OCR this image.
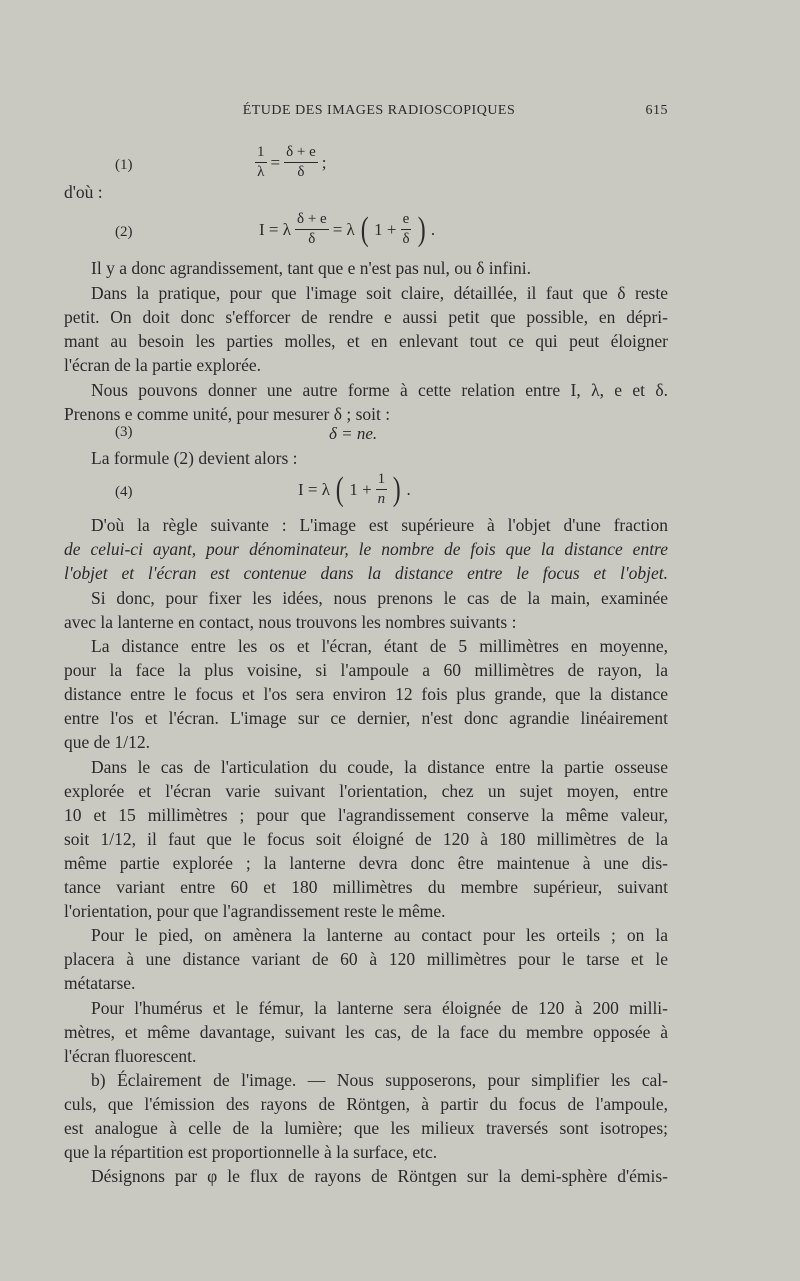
ÉTUDE DES IMAGES RADIOSCOPIQUES	615
(1)	$\frac{1}{\lambda} = \frac{\delta + e}{\delta}$ ;
d'où :
(2)	I = λ $\frac{\delta + e}{\delta} = \lambda$ ( $1 + \frac{e}{\delta}$ ) .
Il y a donc agrandissement, tant que e n'est pas nul, ou δ infini.
Dans la pratique, pour que l'image soit claire, détaillée, il faut que δ reste
petit. On doit donc s'efforcer de rendre e aussi petit que possible, en dépri-
mant au besoin les parties molles, et en enlevant tout ce qui peut éloigner
l'écran de la partie explorée.
Nous pouvons donner une autre forme à cette relation entre I, λ, e et δ.
Prenons e comme unité, pour mesurer δ ; soit :
(3)	δ = ne.
La formule (2) devient alors :
(4)	I = λ ( $1 + \frac{1}{n}$ ) .
D'où la règle suivante : L'image est supérieure à l'objet d'une fraction
de celui-ci ayant, pour dénominateur, le nombre de fois que la distance entre
l'objet et l'écran est contenue dans la distance entre le focus et l'objet.
Si donc, pour fixer les idées, nous prenons le cas de la main, examinée
avec la lanterne en contact, nous trouvons les nombres suivants :
La distance entre les os et l'écran, étant de 5 millimètres en moyenne,
pour la face la plus voisine, si l'ampoule a 60 millimètres de rayon, la
distance entre le focus et l'os sera environ 12 fois plus grande, que la distance
entre l'os et l'écran. L'image sur ce dernier, n'est donc agrandie linéairement
que de 1/12.
Dans le cas de l'articulation du coude, la distance entre la partie osseuse
explorée et l'écran varie suivant l'orientation, chez un sujet moyen, entre
10 et 15 millimètres ; pour que l'agrandissement conserve la même valeur,
soit 1/12, il faut que le focus soit éloigné de 120 à 180 millimètres de la
même partie explorée ; la lanterne devra donc être maintenue à une dis-
tance variant entre 60 et 180 millimètres du membre supérieur, suivant
l'orientation, pour que l'agrandissement reste le même.
Pour le pied, on amènera la lanterne au contact pour les orteils ; on la
placera à une distance variant de 60 à 120 millimètres pour le tarse et le
métatarse.
Pour l'humérus et le fémur, la lanterne sera éloignée de 120 à 200 milli-
mètres, et même davantage, suivant les cas, de la face du membre opposée à
l'écran fluorescent.
b) Éclairement de l'image. — Nous supposerons, pour simplifier les cal-
culs, que l'émission des rayons de Röntgen, à partir du focus de l'ampoule,
est analogue à celle de la lumière; que les milieux traversés sont isotropes;
que la répartition est proportionnelle à la surface, etc.
Désignons par φ le flux de rayons de Röntgen sur la demi-sphère d'émis-
